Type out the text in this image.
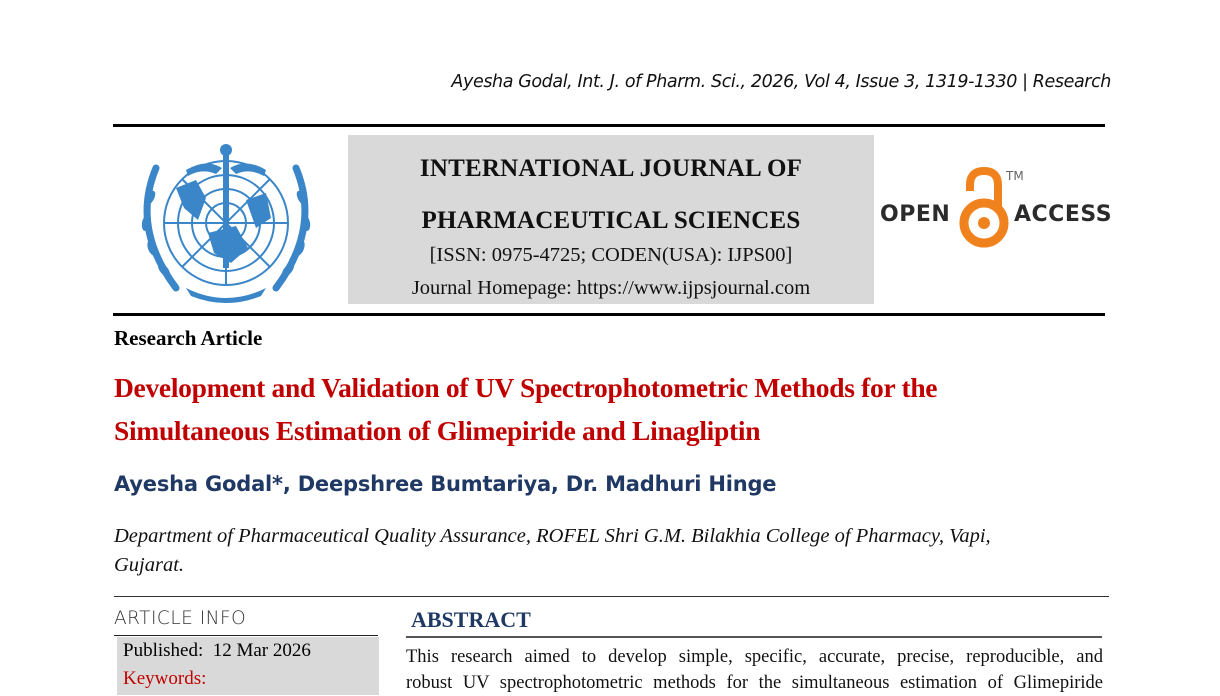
Ayesha Godal, Int. J. of Pharm. Sci., 2026, Vol 4, Issue 3, 1319-1330 | Research
INTERNATIONAL JOURNAL OF
PHARMACEUTICAL SCIENCES
[ISSN: 0975-4725; CODEN(USA): IJPS00]
Journal Homepage: https://www.ijpsjournal.com
OPEN
TM
ACCESS
Research Article
Development and Validation of UV Spectrophotometric Methods for the
Simultaneous Estimation of Glimepiride and Linagliptin
Ayesha Godal*, Deepshree Bumtariya, Dr. Madhuri Hinge
Department of Pharmaceutical Quality Assurance, ROFEL Shri G.M. Bilakhia College of Pharmacy, Vapi,
Gujarat.
ARTICLE INFO
Published: 12 Mar 2026
Keywords:
ABSTRACT
This research aimed to develop simple, specific, accurate, precise, reproducible, and
robust UV spectrophotometric methods for the simultaneous estimation of Glimepiride
